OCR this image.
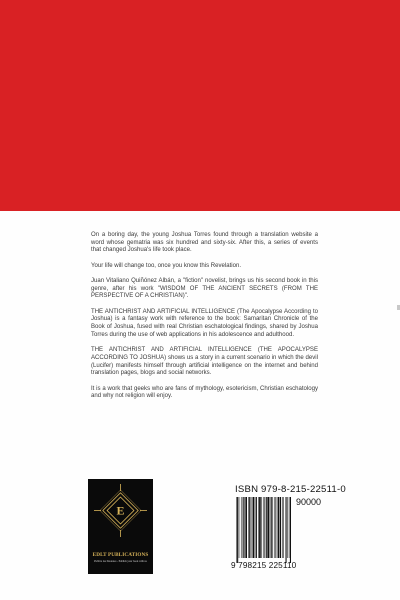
On a boring day, the young Joshua Torres found through a translation website a word whose gematria was six hundred and sixty-six. After this, a series of events that changed Joshua's life took place.

Your life will change too, once you know this Revelation.

Juan Vitaliano Quiñónez Albán, a "fiction" novelist, brings us his second book in this genre, after his work "WISDOM OF THE ANCIENT SECRETS (FROM THE PERSPECTIVE OF A CHRISTIAN)".

THE ANTICHRIST AND ARTIFICIAL INTELLIGENCE (The Apocalypse According to Joshua) is a fantasy work with reference to the book: Samaritan Chronicle of the Book of Joshua, fused with real Christian eschatological findings, shared by Joshua Torres during the use of web applications in his adolescence and adulthood.

THE ANTICHRIST AND ARTIFICIAL INTELLIGENCE (THE APOCALYPSE ACCORDING TO JOSHUA) shows us a story in a current scenario in which the devil (Lucifer) manifests himself through artificial intelligence on the internet and behind translation pages, blogs and social networks.

It is a work that geeks who are fans of mythology, esotericism, Christian eschatology and why not religion will enjoy.

E
EDLT PUBLICATIONS
Publica tus Ilusiones - Publish your book with us
ISBN 979-8-215-22511-0
90000
9 798215 225110
